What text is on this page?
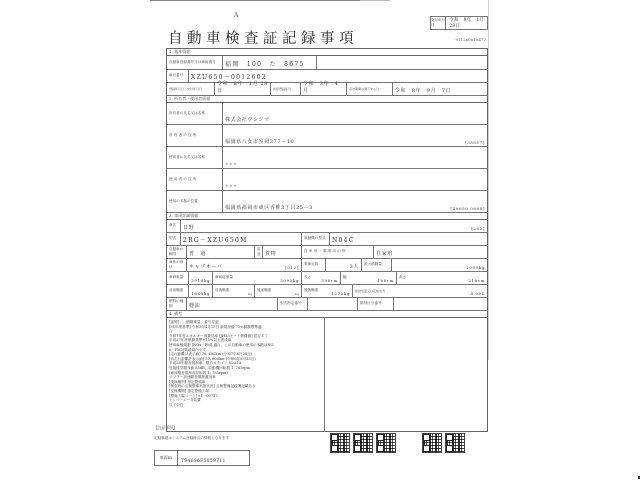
A
交付年月日
令和　8年　1月 28日
自動車検査証記録事項	911260015477
1. 基本情報
自動車登録番号又は車両番号	福岡　100　た　8675
車台番号	XZU650－0012602
登録年月日／交付年月日
令和　8年　1月 28日	初度登録年月
令和　3年　4月	有効期間の満了する日	令和　8年　9月　7日
2. 所有者・使用者情報
所有者の氏名又は名称
株式会社ウシジマ
所 有 者 の 住 所
福岡県八女市室岡377－10	[38857]
使用者の氏名又は名称
＊＊＊
使 用 者 の 住 所
＊＊＊
使用の本拠の位置
福岡県福岡市東区香椎3丁目25－3	[40650 0668]
3. 車両詳細情報
車名	日野	[262]
型式	2RG－XZU650M	原動機の型式	N04C
自動車の種別	普　通
用途 貨物	自 家 用 ・ 事 業 用 の 別	自家用
車体の形状	キャブオーバ	[012]
乗車定員	3人	最大積載量
2000kg
車両重量
2910kg
車両総重量
5095kg
長さ
598cm
幅
188cm
高さ
216cm
前前軸重
1660kg
前後軸重
kg
後前軸重
kg
後後軸重
1270kg
総排気量又は定格出力
4.00L
燃料の種類	軽油	型式指定番号	類別区分番号
4. 備考
[福岡]　、積載重量、番号変更
[31年度基準] 令和3年4月15日 新規登録 75%減額標準適
合
令和7年度エネルギー消費効率 [JH25モード燃費値] 認定未了
平成27年度燃費基準+15%以上達成車
使用車種規制 [NOx・PM] 適合。この自動車の使用の本拠はNO
x・PM対策地域内です。
[走行距離計表示値] 70, 600km (令和7年8月28日)
[前走行距離計表示値] 57, 600km (令和6年8月23日)
平成28年騒音規制車、騒音カテゴリ N2A1A
近接排気騒音値 85dB、原動機回転数 1, 785rpm
(車体騒音規制前回転数 1, 785rpm)
マフラー加速騒音規制適用車
[受検種別] 指定整備車
[検査時の点検整備実施状況] 点検整備記録簿記載あり
[受検機関] 指定整備工場
[整備工場コード] 91－00717
ナンバーメータ装置
以下余白
【注意事項】
記録事項はシステム登録時点の情報となります
車両ID
T94696F5859711
